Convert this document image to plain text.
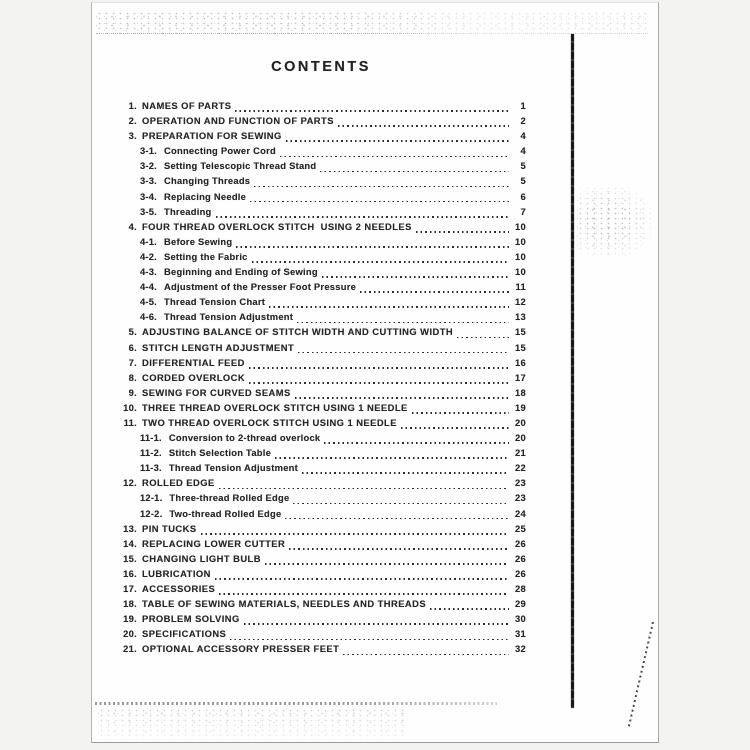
CONTENTS
1. NAMES OF PARTS	1
2. OPERATION AND FUNCTION OF PARTS	2
3. PREPARATION FOR SEWING	4
3-1. Connecting Power Cord	4
3-2. Setting Telescopic Thread Stand	5
3-3. Changing Threads	5
3-4. Replacing Needle	6
3-5. Threading	7
4. FOUR THREAD OVERLOCK STITCH  USING 2 NEEDLES	10
4-1. Before Sewing	10
4-2. Setting the Fabric	10
4-3. Beginning and Ending of Sewing	10
4-4. Adjustment of the Presser Foot Pressure	11
4-5. Thread Tension Chart	12
4-6. Thread Tension Adjustment	13
5. ADJUSTING BALANCE OF STITCH WIDTH AND CUTTING WIDTH	15
6. STITCH LENGTH ADJUSTMENT	15
7. DIFFERENTIAL FEED	16
8. CORDED OVERLOCK	17
9. SEWING FOR CURVED SEAMS	18
10. THREE THREAD OVERLOCK STITCH USING 1 NEEDLE	19
11. TWO THREAD OVERLOCK STITCH USING 1 NEEDLE	20
11-1. Conversion to 2-thread overlock	20
11-2. Stitch Selection Table	21
11-3. Thread Tension Adjustment	22
12. ROLLED EDGE	23
12-1. Three-thread Rolled Edge	23
12-2. Two-thread Rolled Edge	24
13. PIN TUCKS	25
14. REPLACING LOWER CUTTER	26
15. CHANGING LIGHT BULB	26
16. LUBRICATION	26
17. ACCESSORIES	28
18. TABLE OF SEWING MATERIALS, NEEDLES AND THREADS	29
19. PROBLEM SOLVING	30
20. SPECIFICATIONS	31
21. OPTIONAL ACCESSORY PRESSER FEET	32
